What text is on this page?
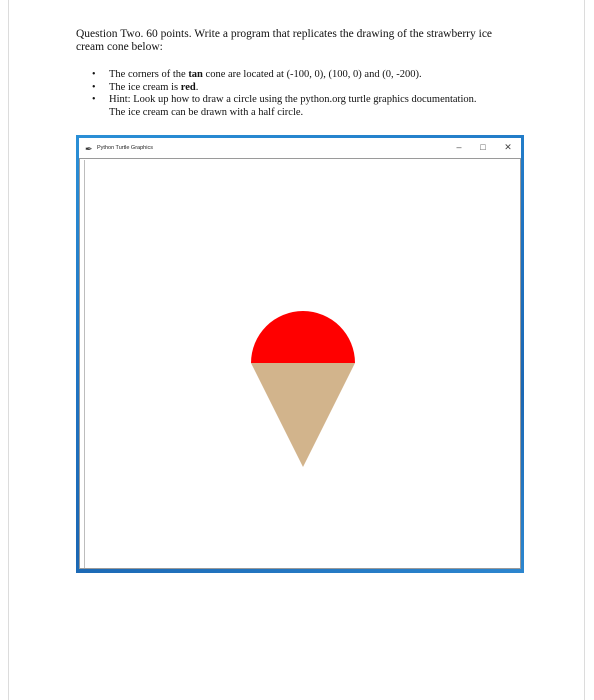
Question Two. 60 points. Write a program that replicates the drawing of the strawberry ice cream cone below:
• The corners of the tan cone are located at (-100, 0), (100, 0) and (0, -200).
• The ice cream is red.
• Hint: Look up how to draw a circle using the python.org turtle graphics documentation.
The ice cream can be drawn with a half circle.
✒ Python Turtle Graphics	–	□	✕
